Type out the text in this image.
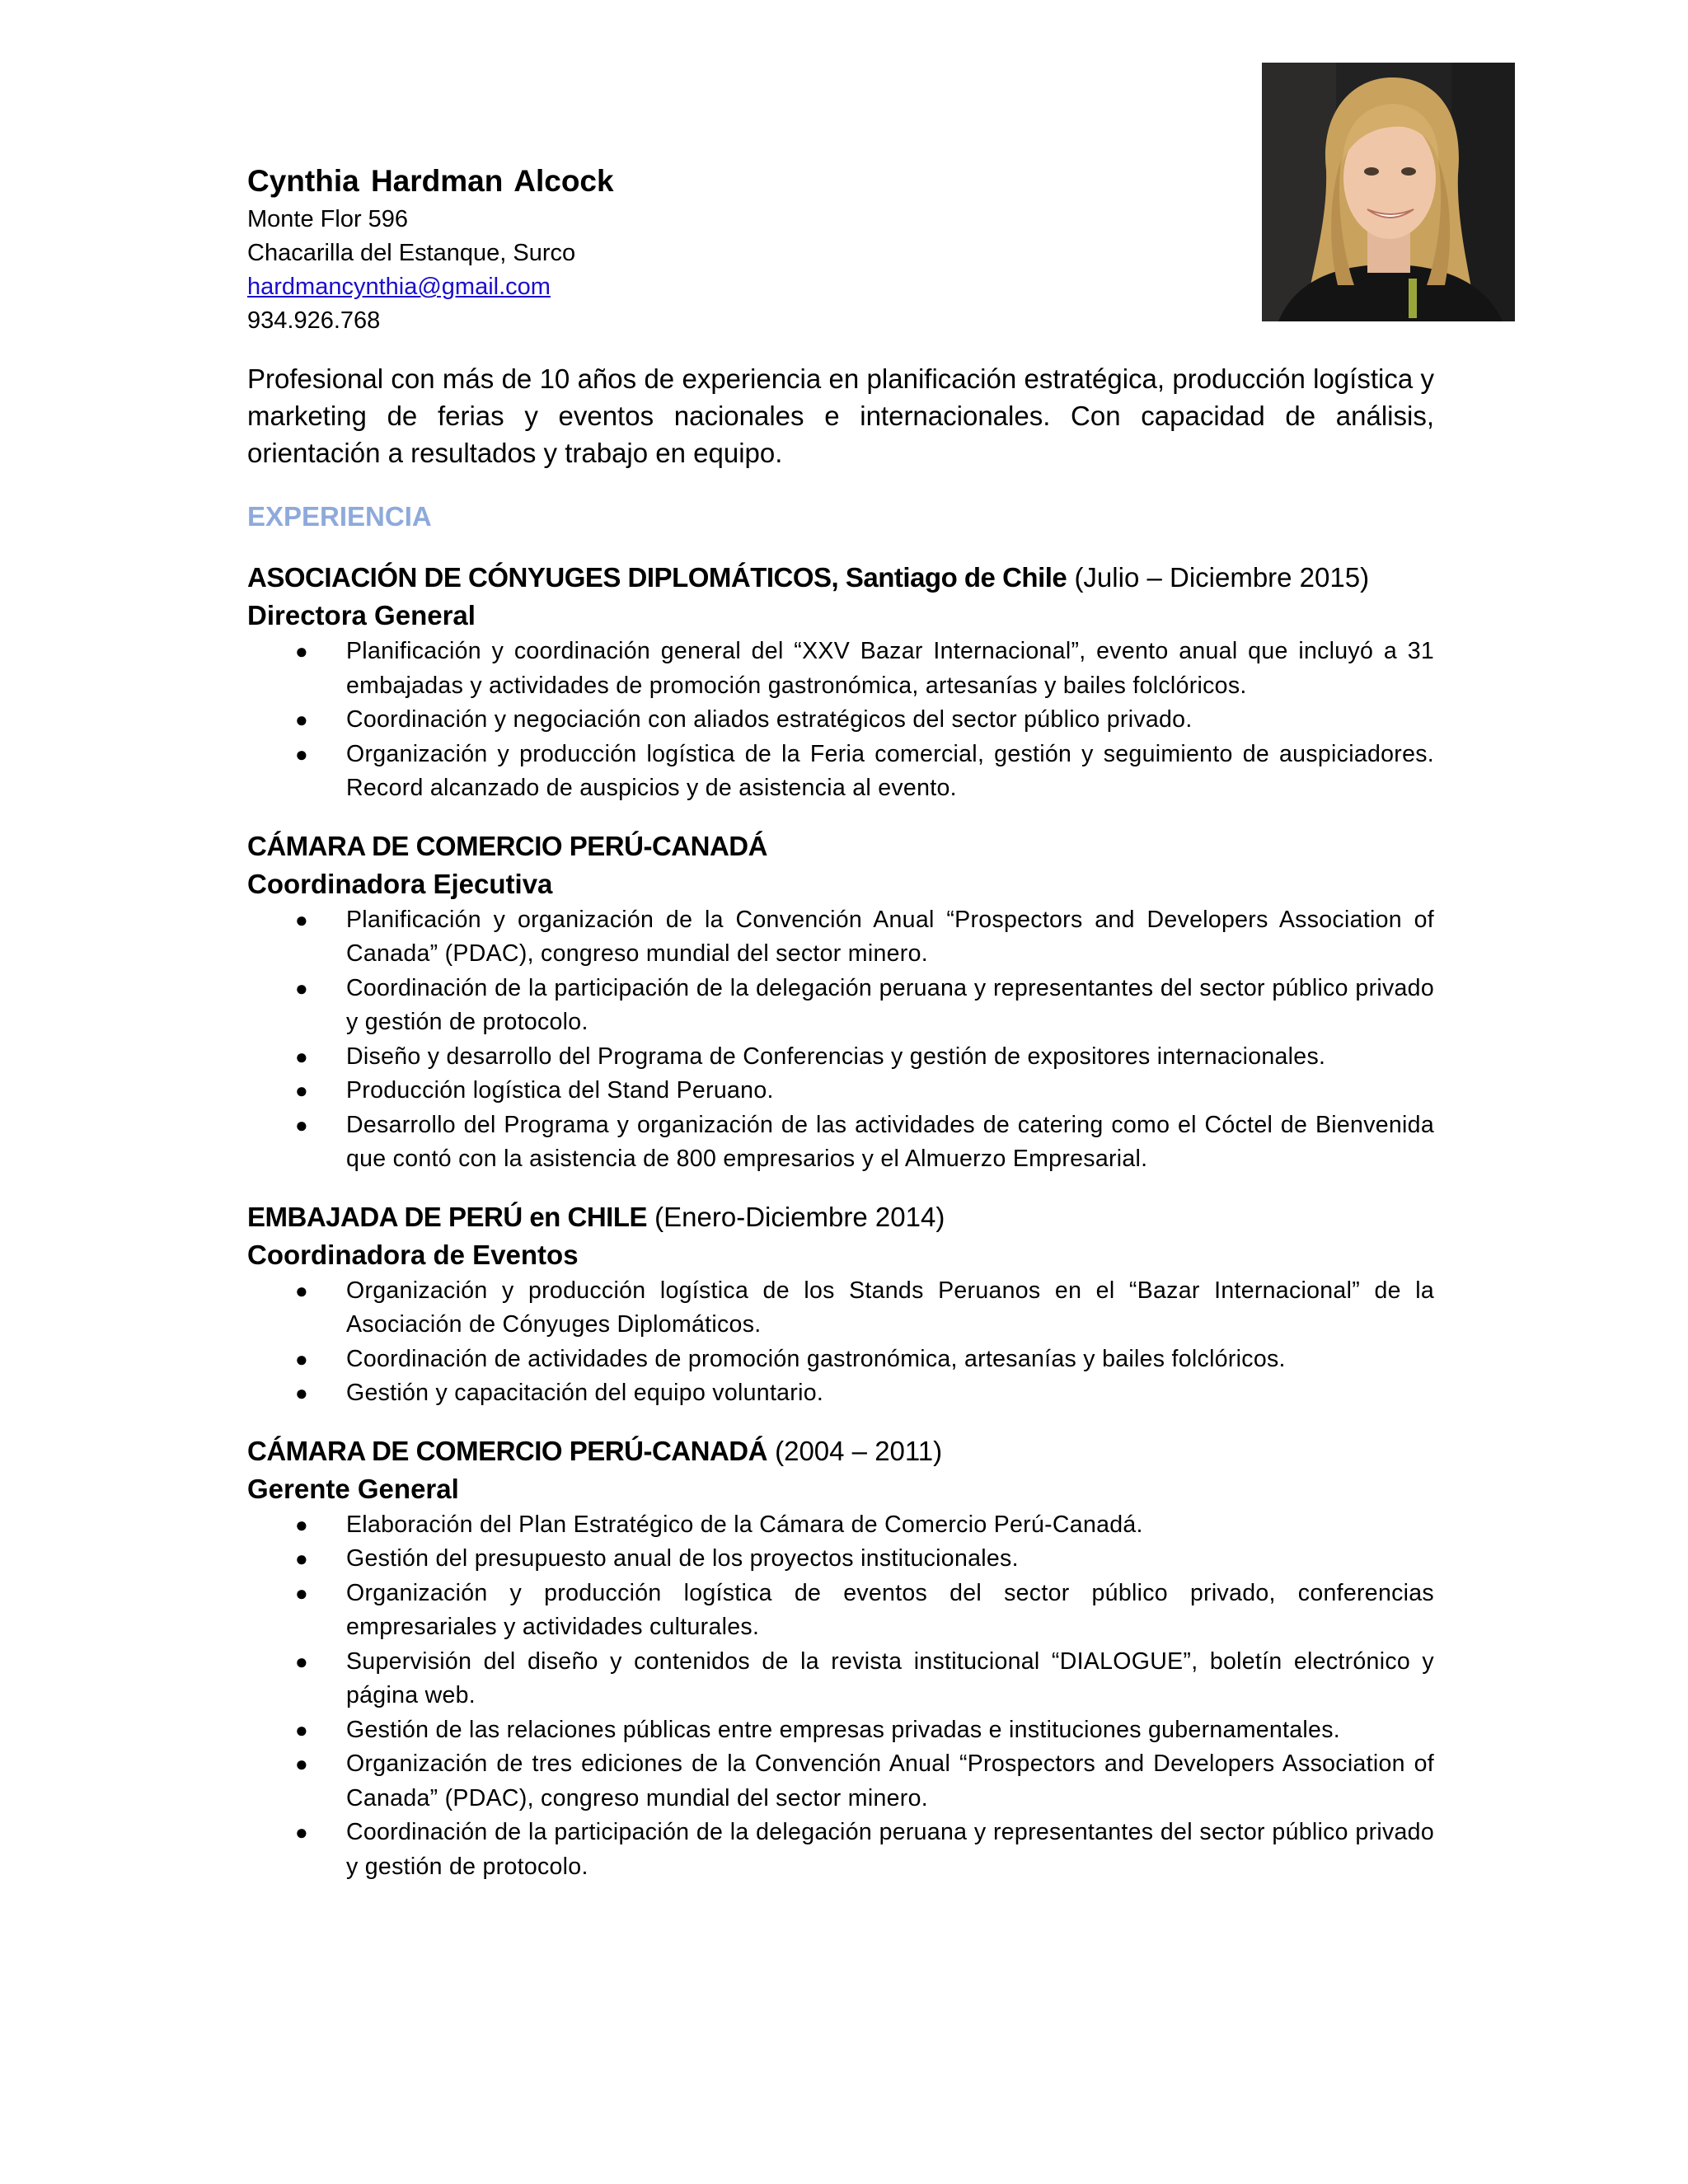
Cynthia Hardman Alcock
Monte Flor 596
Chacarilla del Estanque, Surco
hardmancynthia@gmail.com
934.926.768
Profesional con más de 10 años de experiencia en planificación estratégica, producción logística y marketing de ferias y eventos nacionales e internacionales. Con capacidad de análisis, orientación a resultados y trabajo en equipo.
EXPERIENCIA
ASOCIACIÓN DE CÓNYUGES DIPLOMÁTICOS, Santiago de Chile (Julio – Diciembre 2015)
Directora General
● Planificación y coordinación general del “XXV Bazar Internacional”, evento anual que incluyó a 31 embajadas y actividades de promoción gastronómica, artesanías y bailes folclóricos.
● Coordinación y negociación con aliados estratégicos del sector público privado.
● Organización y producción logística de la Feria comercial, gestión y seguimiento de auspiciadores. Record alcanzado de auspicios y de asistencia al evento.
CÁMARA DE COMERCIO PERÚ-CANADÁ
Coordinadora Ejecutiva
● Planificación y organización de la Convención Anual “Prospectors and Developers Association of Canada” (PDAC), congreso mundial del sector minero.
● Coordinación de la participación de la delegación peruana y representantes del sector público privado y gestión de protocolo.
● Diseño y desarrollo del Programa de Conferencias y gestión de expositores internacionales.
● Producción logística del Stand Peruano.
● Desarrollo del Programa y organización de las actividades de catering como el Cóctel de Bienvenida que contó con la asistencia de 800 empresarios y el Almuerzo Empresarial.
EMBAJADA DE PERÚ en CHILE (Enero-Diciembre 2014)
Coordinadora de Eventos
● Organización y producción logística de los Stands Peruanos en el “Bazar Internacional” de la Asociación de Cónyuges Diplomáticos.
● Coordinación de actividades de promoción gastronómica, artesanías y bailes folclóricos.
● Gestión y capacitación del equipo voluntario.
CÁMARA DE COMERCIO PERÚ-CANADÁ (2004 – 2011)
Gerente General
● Elaboración del Plan Estratégico de la Cámara de Comercio Perú-Canadá.
● Gestión del presupuesto anual de los proyectos institucionales.
● Organización y producción logística de eventos del sector público privado, conferencias empresariales y actividades culturales.
● Supervisión del diseño y contenidos de la revista institucional “DIALOGUE”, boletín electrónico y página web.
● Gestión de las relaciones públicas entre empresas privadas e instituciones gubernamentales.
● Organización de tres ediciones de la Convención Anual “Prospectors and Developers Association of Canada” (PDAC), congreso mundial del sector minero.
● Coordinación de la participación de la delegación peruana y representantes del sector público privado y gestión de protocolo.
